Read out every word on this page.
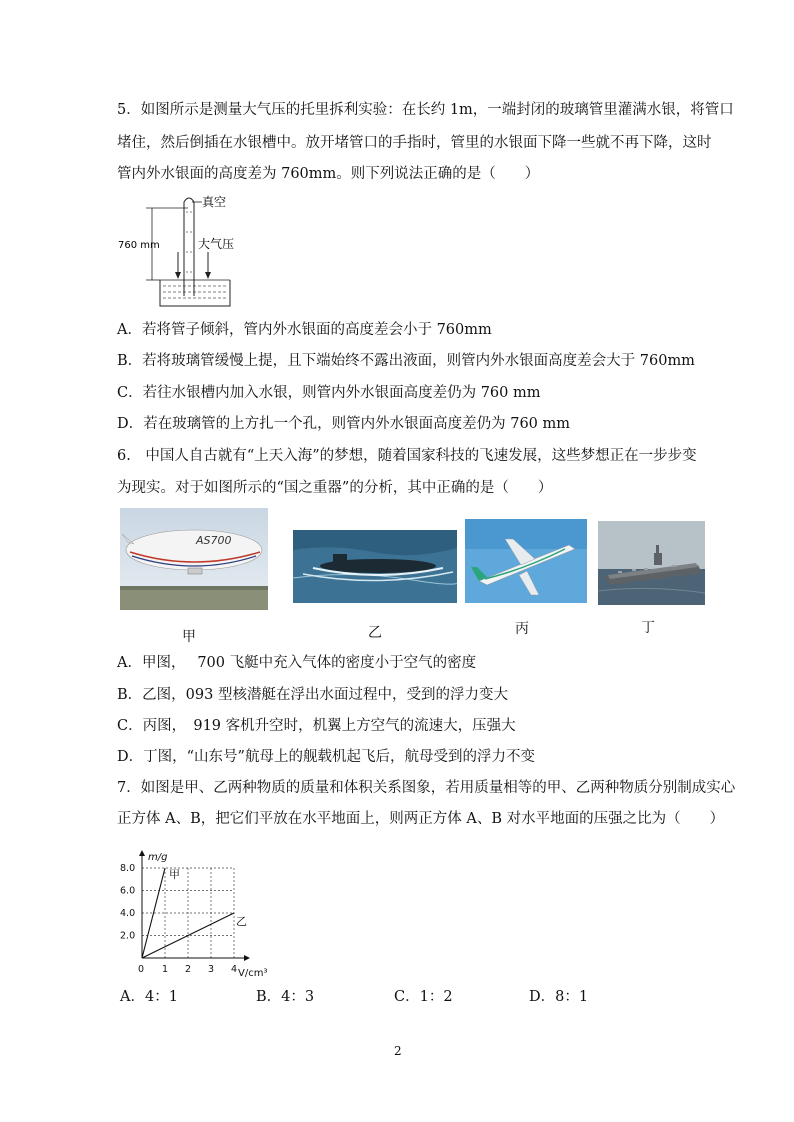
5．如图所示是测量大气压的托里拆利实验：在长约 1m，一端封闭的玻璃管里灌满水银，将管口
堵住，然后倒插在水银槽中。放开堵管口的手指时，管里的水银面下降一些就不再下降，这时
管内外水银面的高度差为 760mm。则下列说法正确的是（　　）
760 mm
真空
大气压
A．若将管子倾斜，管内外水银面的高度差会小于 760mm
B．若将玻璃管缓慢上提，且下端始终不露出液面，则管内外水银面高度差会大于 760mm
C．若往水银槽内加入水银，则管内外水银面高度差仍为 760 mm
D．若在玻璃管的上方扎一个孔，则管内外水银面高度差仍为 760 mm
6.　中国人自古就有“上天入海”的梦想，随着国家科技的飞速发展，这些梦想正在一步步变
为现实。对于如图所示的“国之重器”的分析，其中正确的是（　　）
AS700
甲	乙	丙	丁
A．甲图，　 700 飞艇中充入气体的密度小于空气的密度
B．乙图，093 型核潜艇在浮出水面过程中，受到的浮力变大
C．丙图，　919 客机升空时，机翼上方空气的流速大，压强大
D．丁图，“山东号”航母上的舰载机起飞后，航母受到的浮力不变
7．如图是甲、乙两种物质的质量和体积关系图象，若用质量相等的甲、乙两种物质分别制成实心
正方体 A、B，把它们平放在水平地面上，则两正方体 A、B 对水平地面的压强之比为（　　）
甲
乙
0 1 2 3 4
2.0
4.0
6.0
8.0
m/g
V/cm³
A．4：1	B．4：3	C．1：2	D．8：1
2
